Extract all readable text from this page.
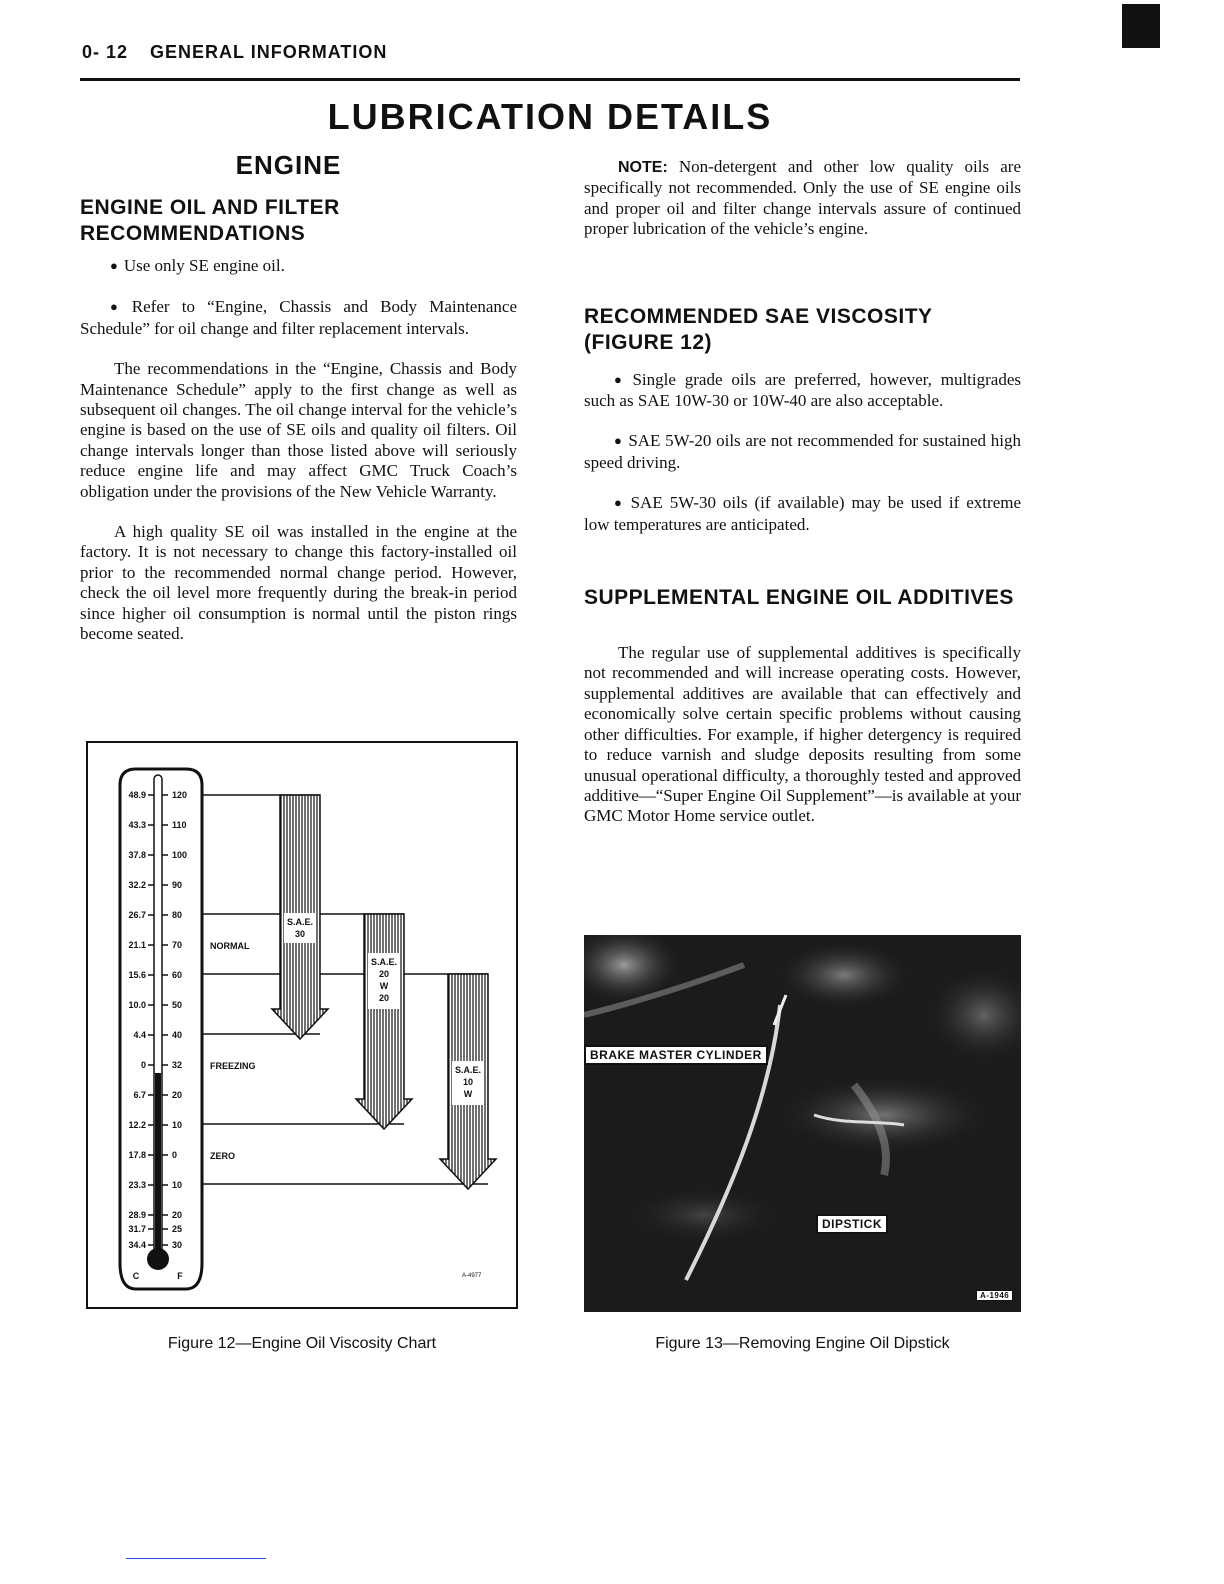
0- 12 GENERAL INFORMATION
LUBRICATION DETAILS
ENGINE
ENGINE OIL AND FILTER
RECOMMENDATIONS

● Use only SE engine oil.

● Refer to “Engine, Chassis and Body Maintenance Schedule” for oil change and filter replacement intervals.

The recommendations in the “Engine, Chassis and Body Maintenance Schedule” apply to the first change as well as subsequent oil changes. The oil change interval for the vehicle’s engine is based on the use of SE oils and quality oil filters. Oil change intervals longer than those listed above will seriously reduce engine life and may affect GMC Truck Coach’s obligation under the provisions of the New Vehicle Warranty.

A high quality SE oil was installed in the engine at the factory. It is not necessary to change this factory-installed oil prior to the recommended normal change period. However, check the oil level more frequently during the break-in period since higher oil consumption is normal until the piston rings become seated.

NOTE: Non-detergent and other low quality oils are specifically not recommended. Only the use of SE engine oils and proper oil and filter change intervals assure of continued proper lubrication of the vehicle’s engine.

RECOMMENDED SAE VISCOSITY
(FIGURE 12)

● Single grade oils are preferred, however, multigrades such as SAE 10W-30 or 10W-40 are also acceptable.

● SAE 5W-20 oils are not recommended for sustained high speed driving.

● SAE 5W-30 oils (if available) may be used if extreme low temperatures are anticipated.

SUPPLEMENTAL ENGINE OIL ADDITIVES

The regular use of supplemental additives is specifically not recommended and will increase operating costs. However, supplemental additives are available that can effectively and economically solve certain specific problems without causing other difficulties. For example, if higher detergency is required to reduce varnish and sludge deposits resulting from some unusual operational difficulty, a thoroughly tested and approved additive—“Super Engine Oil Supplement”—is available at your GMC Motor Home service outlet.

48.9	120
43.3	110
37.8	100
32.2	90
26.7	80
21.1	70
15.6	60
10.0	50
4.4	40
0	32
6.7	20
12.2	10
17.8	0
23.3	10
28.9	20
31.7	25
34.4	30
NORMAL
FREEZING
ZERO
S.A.E.
30
S.A.E.
20
W
20
S.A.E.
10
W
C	F	A-4977
BRAKE MASTER CYLINDER
DIPSTICK
A-1946
Figure 12—Engine Oil Viscosity Chart	Figure 13—Removing Engine Oil Dipstick
